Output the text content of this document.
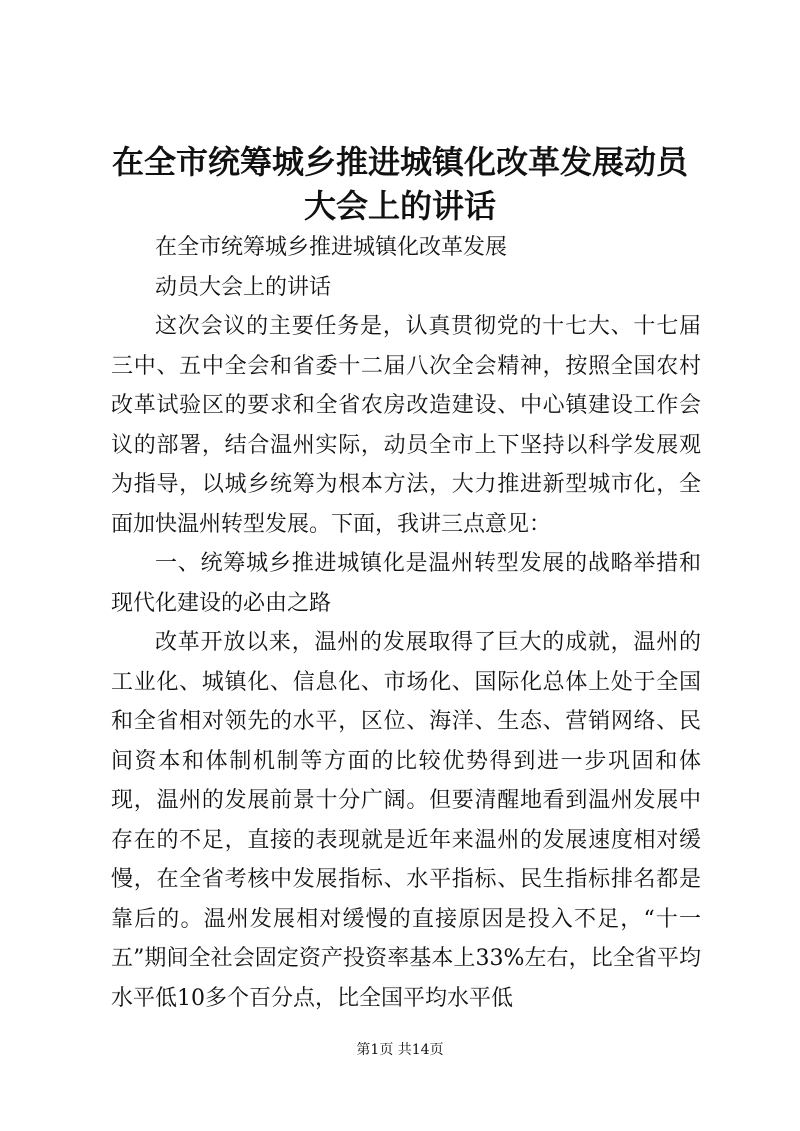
在全市统筹城乡推进城镇化改革发展动员大会上的讲话

在全市统筹城乡推进城镇化改革发展

动员大会上的讲话

这次会议的主要任务是，认真贯彻党的十七大、十七届三中、五中全会和省委十二届八次全会精神，按照全国农村改革试验区的要求和全省农房改造建设、中心镇建设工作会议的部署，结合温州实际，动员全市上下坚持以科学发展观为指导，以城乡统筹为根本方法，大力推进新型城市化，全面加快温州转型发展。下面，我讲三点意见：

一、统筹城乡推进城镇化是温州转型发展的战略举措和现代化建设的必由之路

改革开放以来，温州的发展取得了巨大的成就，温州的工业化、城镇化、信息化、市场化、国际化总体上处于全国和全省相对领先的水平，区位、海洋、生态、营销网络、民间资本和体制机制等方面的比较优势得到进一步巩固和体现，温州的发展前景十分广阔。但要清醒地看到温州发展中存在的不足，直接的表现就是近年来温州的发展速度相对缓慢，在全省考核中发展指标、水平指标、民生指标排名都是靠后的。温州发展相对缓慢的直接原因是投入不足，“十一五”期间全社会固定资产投资率基本上33%左右，比全省平均水平低10多个百分点，比全国平均水平低

第1页 共14页
